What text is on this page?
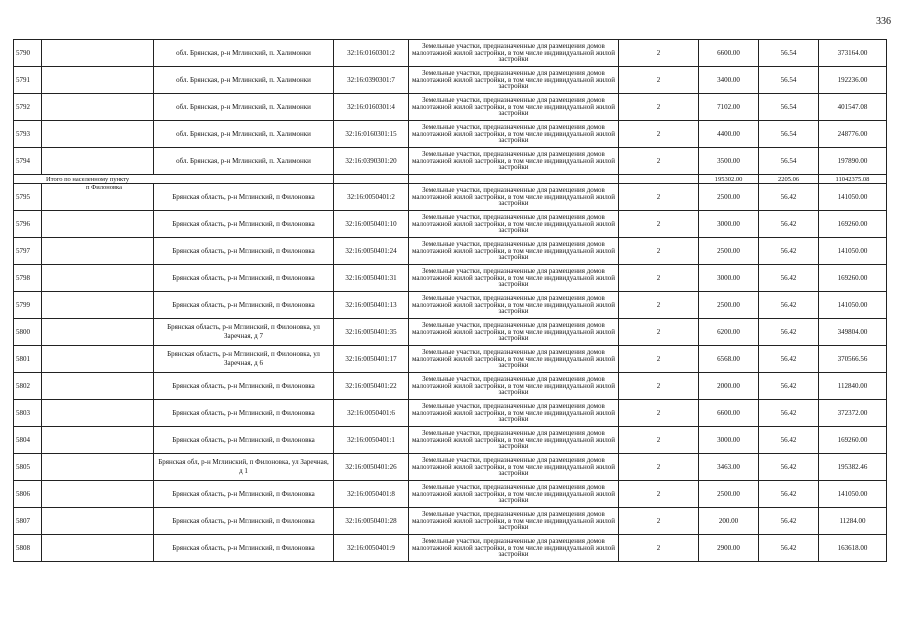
336
5790		обл. Брянская, р-н Мглинский, п. Халимонки	32:16:0160301:2	Земельные участки, предназначенные для размещения домов малоэтажной жилой застройки, в том числе индивидуальной жилой застройки	2	6600.00	56.54	373164.00
5791		обл. Брянская, р-н Мглинский, п. Халимонки	32:16:0390301:7	Земельные участки, предназначенные для размещения домов малоэтажной жилой застройки, в том числе индивидуальной жилой застройки	2	3400.00	56.54	192236.00
5792		обл. Брянская, р-н Мглинский, п. Халимонки	32:16:0160301:4	Земельные участки, предназначенные для размещения домов малоэтажной жилой застройки, в том числе индивидуальной жилой застройки	2	7102.00	56.54	401547.08
5793		обл. Брянская, р-н Мглинский, п. Халимонки	32:16:0160301:15	Земельные участки, предназначенные для размещения домов малоэтажной жилой застройки, в том числе индивидуальной жилой застройки	2	4400.00	56.54	248776.00
5794		обл. Брянская, р-н Мглинский, п. Халимонки	32:16:0390301:20	Земельные участки, предназначенные для размещения домов малоэтажной жилой застройки, в том числе индивидуальной жилой застройки	2	3500.00	56.54	197890.00
Итого по населенному пункту						195302.00	2205.06	11042375.08
5795	п Филоновка	Брянская область, р-н Мглинский, п Филоновка	32:16:0050401:2	Земельные участки, предназначенные для размещения домов малоэтажной жилой застройки, в том числе индивидуальной жилой застройки	2	2500.00	56.42	141050.00
5796		Брянская область, р-н Мглинский, п Филоновка	32:16:0050401:10	Земельные участки, предназначенные для размещения домов малоэтажной жилой застройки, в том числе индивидуальной жилой застройки	2	3000.00	56.42	169260.00
5797		Брянская область, р-н Мглинский, п Филоновка	32:16:0050401:24	Земельные участки, предназначенные для размещения домов малоэтажной жилой застройки, в том числе индивидуальной жилой застройки	2	2500.00	56.42	141050.00
5798		Брянская область, р-н Мглинский, п Филоновка	32:16:0050401:31	Земельные участки, предназначенные для размещения домов малоэтажной жилой застройки, в том числе индивидуальной жилой застройки	2	3000.00	56.42	169260.00
5799		Брянская область, р-н Мглинский, п Филоновка	32:16:0050401:13	Земельные участки, предназначенные для размещения домов малоэтажной жилой застройки, в том числе индивидуальной жилой застройки	2	2500.00	56.42	141050.00
5800		Брянская область, р-н Мглинский, п Филоновка, ул Заречная, д 7	32:16:0050401:35	Земельные участки, предназначенные для размещения домов малоэтажной жилой застройки, в том числе индивидуальной жилой застройки	2	6200.00	56.42	349804.00
5801		Брянская область, р-н Мглинский, п Филоновка, ул Заречная, д 6	32:16:0050401:17	Земельные участки, предназначенные для размещения домов малоэтажной жилой застройки, в том числе индивидуальной жилой застройки	2	6568.00	56.42	370566.56
5802		Брянская область, р-н Мглинский, п Филоновка	32:16:0050401:22	Земельные участки, предназначенные для размещения домов малоэтажной жилой застройки, в том числе индивидуальной жилой застройки	2	2000.00	56.42	112840.00
5803		Брянская область, р-н Мглинский, п Филоновка	32:16:0050401:6	Земельные участки, предназначенные для размещения домов малоэтажной жилой застройки, в том числе индивидуальной жилой застройки	2	6600.00	56.42	372372.00
5804		Брянская область, р-н Мглинский, п Филоновка	32:16:0050401:1	Земельные участки, предназначенные для размещения домов малоэтажной жилой застройки, в том числе индивидуальной жилой застройки	2	3000.00	56.42	169260.00
5805		Брянская обл, р-н Мглинский, п Филоновка, ул Заречная, д 1	32:16:0050401:26	Земельные участки, предназначенные для размещения домов малоэтажной жилой застройки, в том числе индивидуальной жилой застройки	2	3463.00	56.42	195382.46
5806		Брянская область, р-н Мглинский, п Филоновка	32:16:0050401:8	Земельные участки, предназначенные для размещения домов малоэтажной жилой застройки, в том числе индивидуальной жилой застройки	2	2500.00	56.42	141050.00
5807		Брянская область, р-н Мглинский, п Филоновка	32:16:0050401:28	Земельные участки, предназначенные для размещения домов малоэтажной жилой застройки, в том числе индивидуальной жилой застройки	2	200.00	56.42	11284.00
5808		Брянская область, р-н Мглинский, п Филоновка	32:16:0050401:9	Земельные участки, предназначенные для размещения домов малоэтажной жилой застройки, в том числе индивидуальной жилой застройки	2	2900.00	56.42	163618.00
